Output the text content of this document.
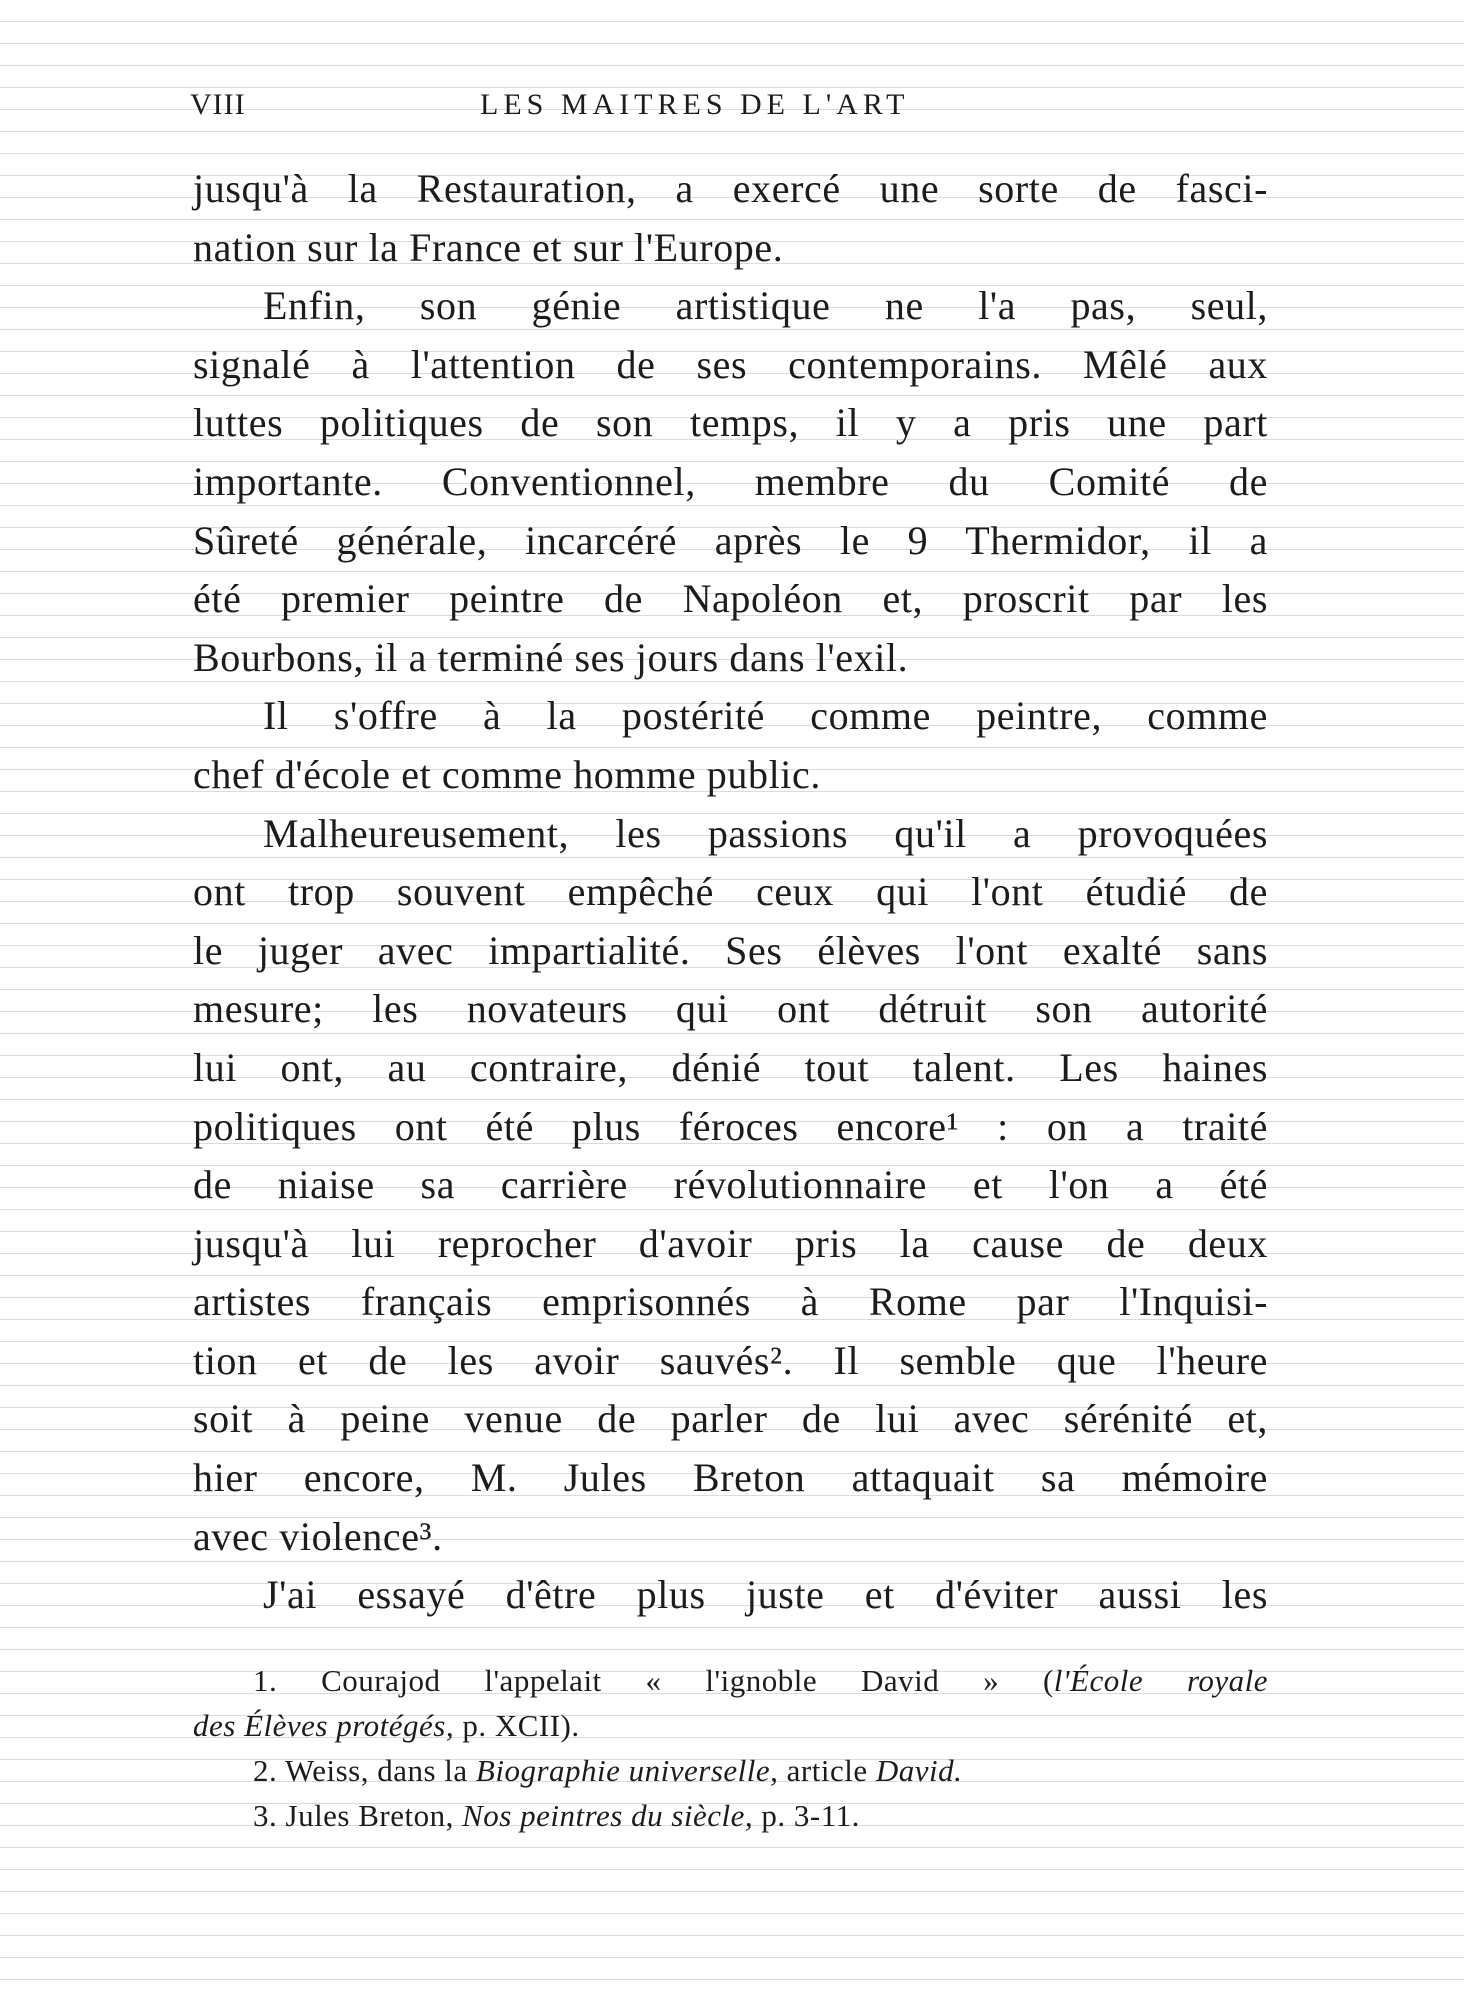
VIII	LES MAITRES DE L'ART
jusqu'à la Restauration, a exercé une sorte de fasci-
nation sur la France et sur l'Europe.
Enfin, son génie artistique ne l'a pas, seul,
signalé à l'attention de ses contemporains. Mêlé aux
luttes politiques de son temps, il y a pris une part
importante. Conventionnel, membre du Comité de
Sûreté générale, incarcéré après le 9 Thermidor, il a
été premier peintre de Napoléon et, proscrit par les
Bourbons, il a terminé ses jours dans l'exil.
Il s'offre à la postérité comme peintre, comme
chef d'école et comme homme public.
Malheureusement, les passions qu'il a provoquées
ont trop souvent empêché ceux qui l'ont étudié de
le juger avec impartialité. Ses élèves l'ont exalté sans
mesure; les novateurs qui ont détruit son autorité
lui ont, au contraire, dénié tout talent. Les haines
politiques ont été plus féroces encore¹ : on a traité
de niaise sa carrière révolutionnaire et l'on a été
jusqu'à lui reprocher d'avoir pris la cause de deux
artistes français emprisonnés à Rome par l'Inquisi-
tion et de les avoir sauvés². Il semble que l'heure
soit à peine venue de parler de lui avec sérénité et,
hier encore, M. Jules Breton attaquait sa mémoire
avec violence³.
J'ai essayé d'être plus juste et d'éviter aussi les
1. Courajod l'appelait « l'ignoble David » (l'École royale
des Élèves protégés, p. XCII).
2. Weiss, dans la Biographie universelle, article David.
3. Jules Breton, Nos peintres du siècle, p. 3-11.
